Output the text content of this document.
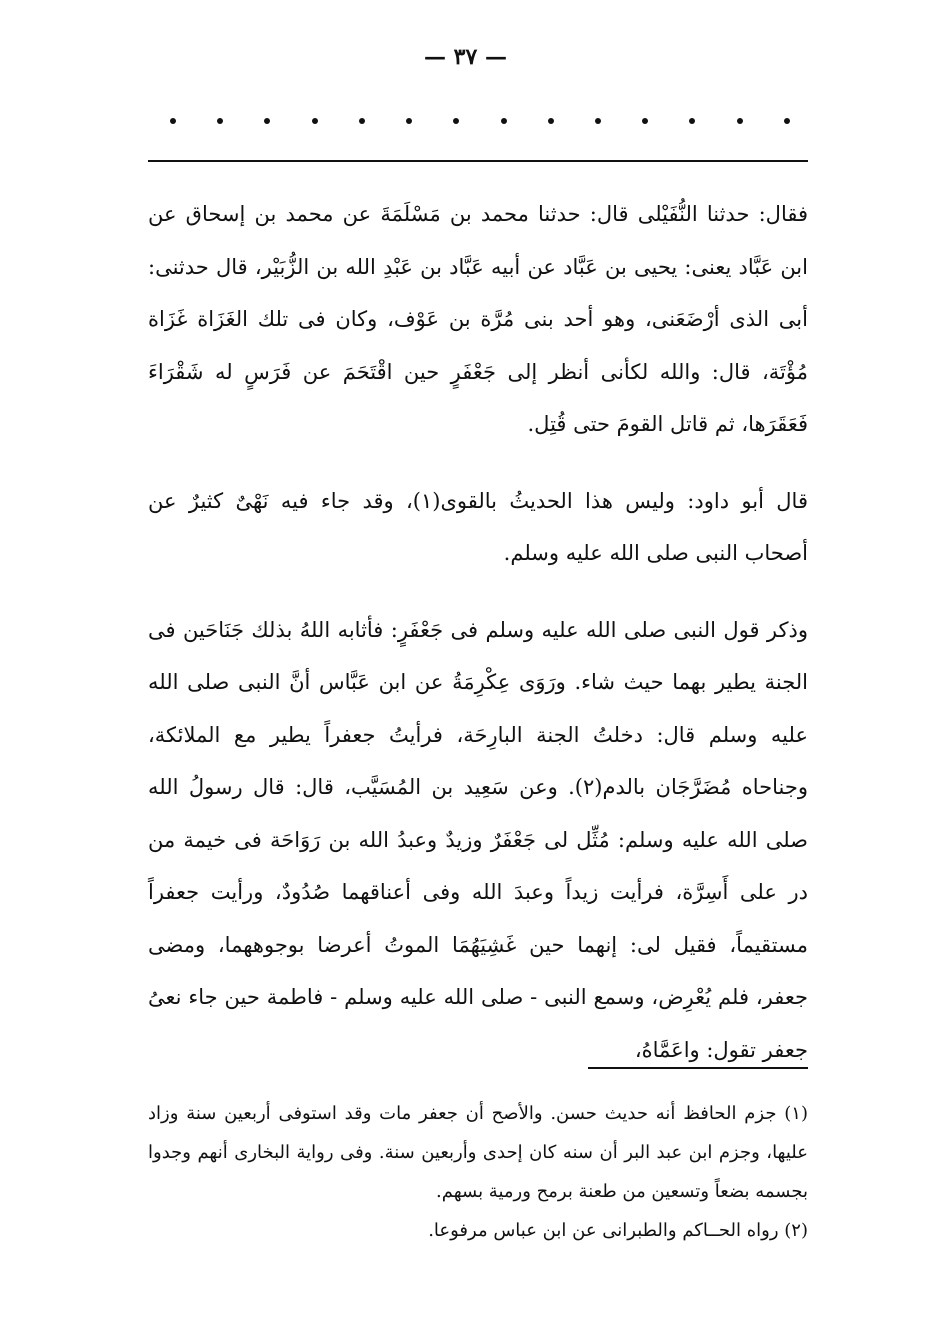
— ٣٧ —

فقال: حدثنا النُّفَيْلى قال: حدثنا محمد بن مَسْلَمَةَ عن محمد بن إسحاق عن ابن عَبَّاد يعنى: يحيى بن عَبَّاد عن أبيه عَبَّاد بن عَبْدِ الله بن الزُّبَيْر، قال حدثنى: أبى الذى أرْضَعَنى، وهو أحد بنى مُرَّة بن عَوْف، وكان فى تلك الغَزَاة غَزَاة مُؤْتَة، قال: والله لكأنى أنظر إلى جَعْفَرٍ حين اقْتَحَمَ عن فَرَسٍ له شَقْرَاءَ فَعَقَرَها، ثم قاتل القومَ حتى قُتِل.

قال أبو داود: وليس هذا الحديثُ بالقوى(١)، وقد جاء فيه نَهْىٌ كثيرٌ عن أصحاب النبى صلى الله عليه وسلم.

وذكر قول النبى صلى الله عليه وسلم فى جَعْفَرٍ: فأثابه اللهُ بذلك جَنَاحَين فى الجنة يطير بهما حيث شاء. ورَوَى عِكْرِمَةُ عن ابن عَبَّاس أنَّ النبى صلى الله عليه وسلم قال: دخلتُ الجنة البارِحَة، فرأيتُ جعفراً يطير مع الملائكة، وجناحاه مُضَرَّجَان بالدم(٢). وعن سَعِيد بن المُسَيَّب، قال: قال رسولُ الله صلى الله عليه وسلم: مُثِّل لى جَعْفَرٌ وزيدٌ وعبدُ الله بن رَوَاحَة فى خيمة من در على أَسِرَّة، فرأيت زيداً وعبدَ الله وفى أعناقهما صُدُودٌ، ورأيت جعفراً مستقيماً، فقيل لى: إنهما حين غَشِيَهُمَا الموتُ أعرضا بوجوههما، ومضى جعفر، فلم يُعْرِض، وسمع النبى - صلى الله عليه وسلم - فاطمة حين جاء نعىُ جعفر تقول: واعَمَّاهُ،

(١) جزم الحافظ أنه حديث حسن. والأصح أن جعفر مات وقد استوفى أربعين سنة وزاد عليها، وجزم ابن عبد البر أن سنه كان إحدى وأربعين سنة. وفى رواية البخارى أنهم وجدوا بجسمه بضعاً وتسعين من طعنة برمح ورمية بسهم.

(٢) رواه الحــاكم والطبرانى عن ابن عباس مرفوعا.
